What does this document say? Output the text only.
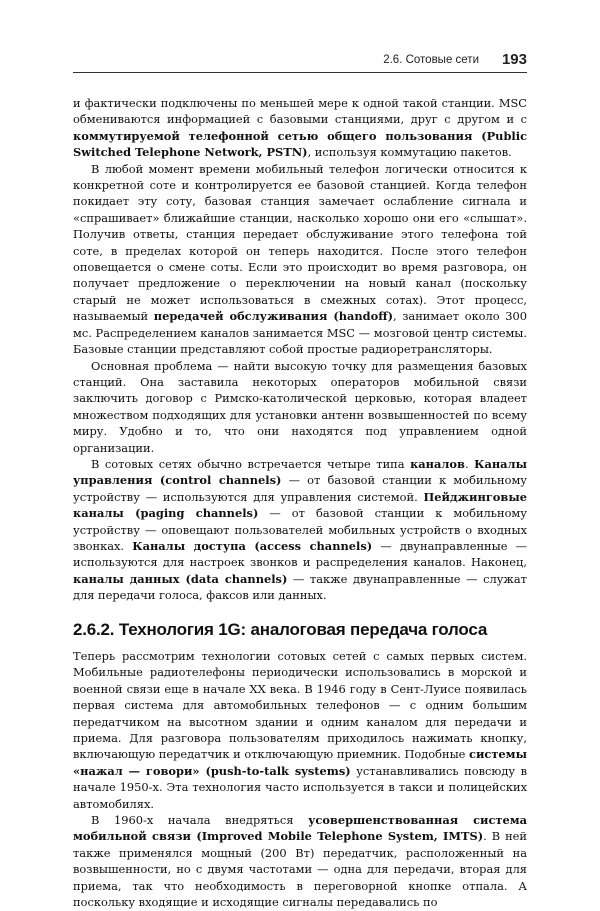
2.6. Сотовые сети 193

и фактически подключены по меньшей мере к одной такой станции. MSC обмениваются информацией с базовыми станциями, друг с другом и с коммутируемой телефонной сетью общего пользования (Public Switched Telephone Network, PSTN), используя коммутацию пакетов.

В любой момент времени мобильный телефон логически относится к конкретной соте и контролируется ее базовой станцией. Когда телефон покидает эту соту, базовая станция замечает ослабление сигнала и «спрашивает» ближайшие станции, насколько хорошо они его «слышат». Получив ответы, станция передает обслуживание этого телефона той соте, в пределах которой он теперь находится. После этого телефон оповещается о смене соты. Если это происходит во время разговора, он получает предложение о переключении на новый канал (поскольку старый не может использоваться в смежных сотах). Этот процесс, называемый передачей обслуживания (handoff), занимает около 300 мс. Распределением каналов занимается MSC — мозговой центр системы. Базовые станции представляют собой простые радиоретрансляторы.

Основная проблема — найти высокую точку для размещения базовых станций. Она заставила некоторых операторов мобильной связи заключить договор с Римско-католической церковью, которая владеет множеством подходящих для установки антенн возвышенностей по всему миру. Удобно и то, что они находятся под управлением одной организации.

В сотовых сетях обычно встречается четыре типа каналов. Каналы управления (control channels) — от базовой станции к мобильному устройству — используются для управления системой. Пейджинговые каналы (paging channels) — от базовой станции к мобильному устройству — оповещают пользователей мобильных устройств о входных звонках. Каналы доступа (access channels) — двунаправленные — используются для настроек звонков и распределения каналов. Наконец, каналы данных (data channels) — также двунаправленные — служат для передачи голоса, факсов или данных.

2.6.2. Технология 1G: аналоговая передача голоса

Теперь рассмотрим технологии сотовых сетей с самых первых систем. Мобильные радиотелефоны периодически использовались в морской и военной связи еще в начале XX века. В 1946 году в Сент-Луисе появилась первая система для автомобильных телефонов — с одним большим передатчиком на высотном здании и одним каналом для передачи и приема. Для разговора пользователям приходилось нажимать кнопку, включающую передатчик и отключающую приемник. Подобные системы «нажал — говори» (push-to-talk systems) устанавливались повсюду в начале 1950-х. Эта технология часто используется в такси и полицейских автомобилях.

В 1960-х начала внедряться усовершенствованная система мобильной связи (Improved Mobile Telephone System, IMTS). В ней также применялся мощный (200 Вт) передатчик, расположенный на возвышенности, но с двумя частотами — одна для передачи, вторая для приема, так что необходимость в переговорной кнопке отпала. А поскольку входящие и исходящие сигналы передавались по
